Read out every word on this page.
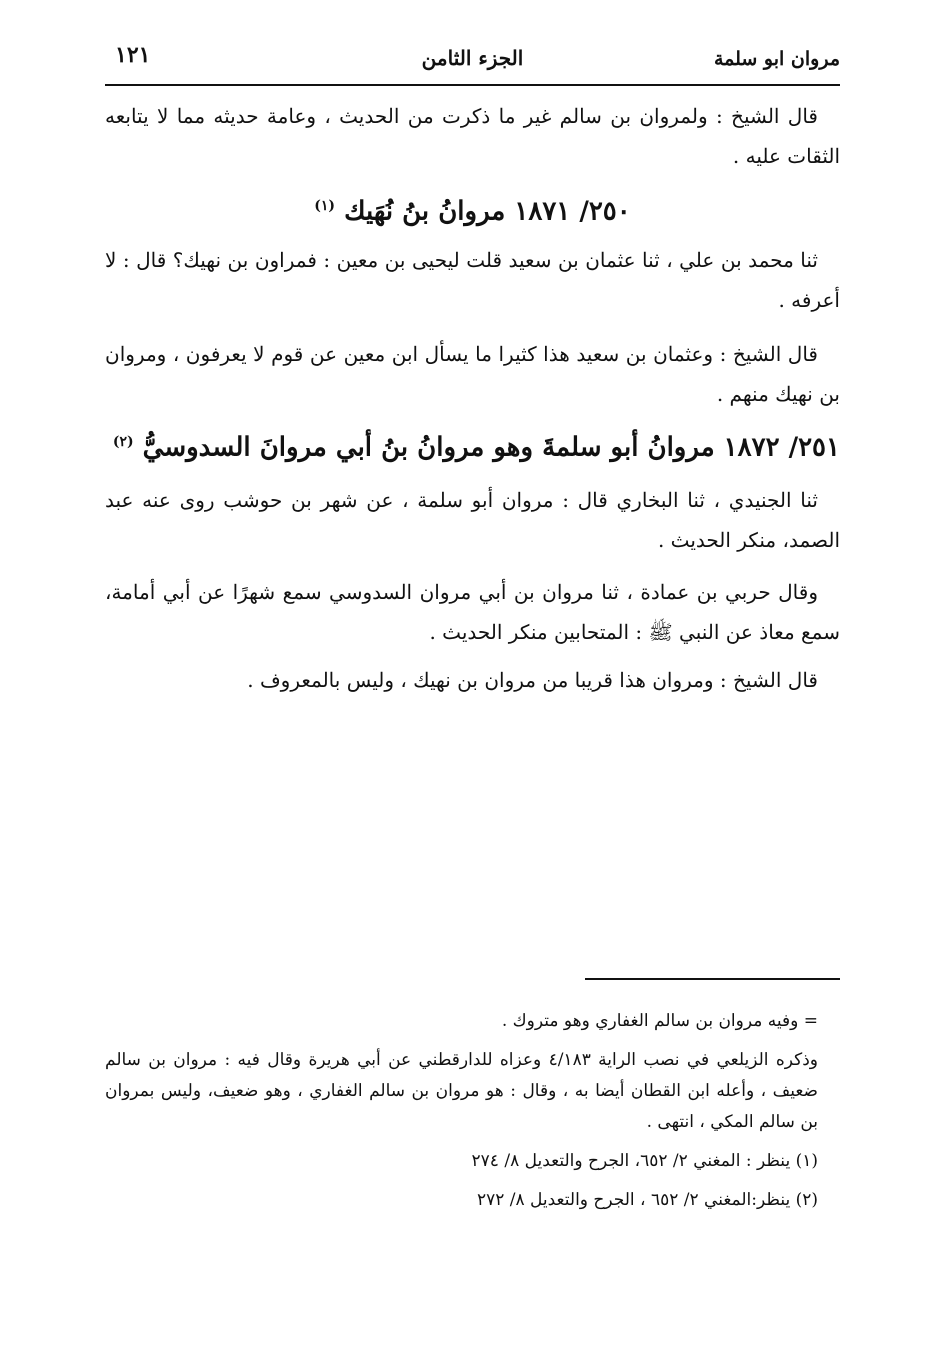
مروان ابو سلمة
الجزء الثامن
١٢١

قال الشيخ : ولمروان بن سالم غير ما ذكرت من الحديث ، وعامة حديثه مما لا يتابعه الثقات عليه .

٢٥٠/ ١٨٧١ مروانُ بنُ نُهَيك $^{(١)}$

ثنا محمد بن علي ، ثنا عثمان بن سعيد قلت ليحيى بن معين : فمراون بن نهيك؟ قال : لا أعرفه .

قال الشيخ : وعثمان بن سعيد هذا كثيرا ما يسأل ابن معين عن قوم لا يعرفون ، ومروان بن نهيك منهم .

٢٥١/ ١٨٧٢ مروانُ أبو سلمةَ وهو مروانُ بنُ أبي مروانَ السدوسيُّ $^{(٢)}$

ثنا الجنيدي ، ثنا البخاري قال : مروان أبو سلمة ، عن شهر بن حوشب روى عنه عبد الصمد، منكر الحديث .

وقال حربي بن عمادة ، ثنا مروان بن أبي مروان السدوسي سمع شهرًا عن أبي أمامة، سمع معاذ عن النبي ﷺ : المتحابين منكر الحديث .

قال الشيخ : ومروان هذا قريبا من مروان بن نهيك ، وليس بالمعروف .

= وفيه مروان بن سالم الغفاري وهو متروك .

وذكره الزيلعي في نصب الراية ٤/١٨٣ وعزاه للدارقطني عن أبي هريرة وقال فيه : مروان بن سالم ضعيف ، وأعله ابن القطان أيضا به ، وقال : هو مروان بن سالم الغفاري ، وهو ضعيف، وليس بمروان بن سالم المكي ، انتهى .

(١) ينظر : المغني ٢/ ٦٥٢، الجرح والتعديل ٨/ ٢٧٤

(٢) ينظر:المغني ٢/ ٦٥٢ ، الجرح والتعديل ٨/ ٢٧٢
